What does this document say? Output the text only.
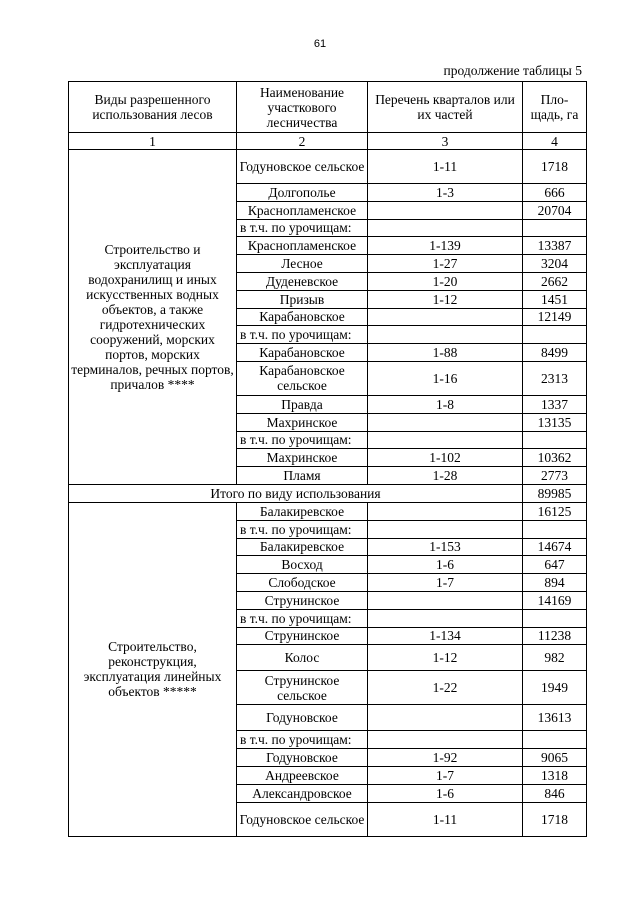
61
продолжение таблицы 5
Виды разрешенного использования лесов	Наименование участкового лесничества	Перечень кварталов или их частей	Пло-щадь, га
1	2	3	4
Строительство и эксплуатация водохранилищ и иных искусственных водных объектов, а также гидротехнических сооружений, морских портов, морских терминалов, речных портов, причалов ****	Годуновское сельское	1-11	1718
	Долгополье	1-3	666
	Краснопламенское		20704
	в т.ч. по урочищам:		
	Краснопламенское	1-139	13387
	Лесное	1-27	3204
	Дуденевское	1-20	2662
	Призыв	1-12	1451
	Карабановское		12149
	в т.ч. по урочищам:		
	Карабановское	1-88	8499
	Карабановское сельское	1-16	2313
	Правда	1-8	1337
	Махринское		13135
	в т.ч. по урочищам:		
	Махринское	1-102	10362
	Пламя	1-28	2773
Итого по виду использования			89985
Строительство, реконструкция, эксплуатация линейных объектов *****	Балакиревское		16125
	в т.ч. по урочищам:		
	Балакиревское	1-153	14674
	Восход	1-6	647
	Слободское	1-7	894
	Струнинское		14169
	в т.ч. по урочищам:		
	Струнинское	1-134	11238
	Колос	1-12	982
	Струнинское сельское	1-22	1949
	Годуновское		13613
	в т.ч. по урочищам:		
	Годуновское	1-92	9065
	Андреевское	1-7	1318
	Александровское	1-6	846
	Годуновское сельское	1-11	1718
